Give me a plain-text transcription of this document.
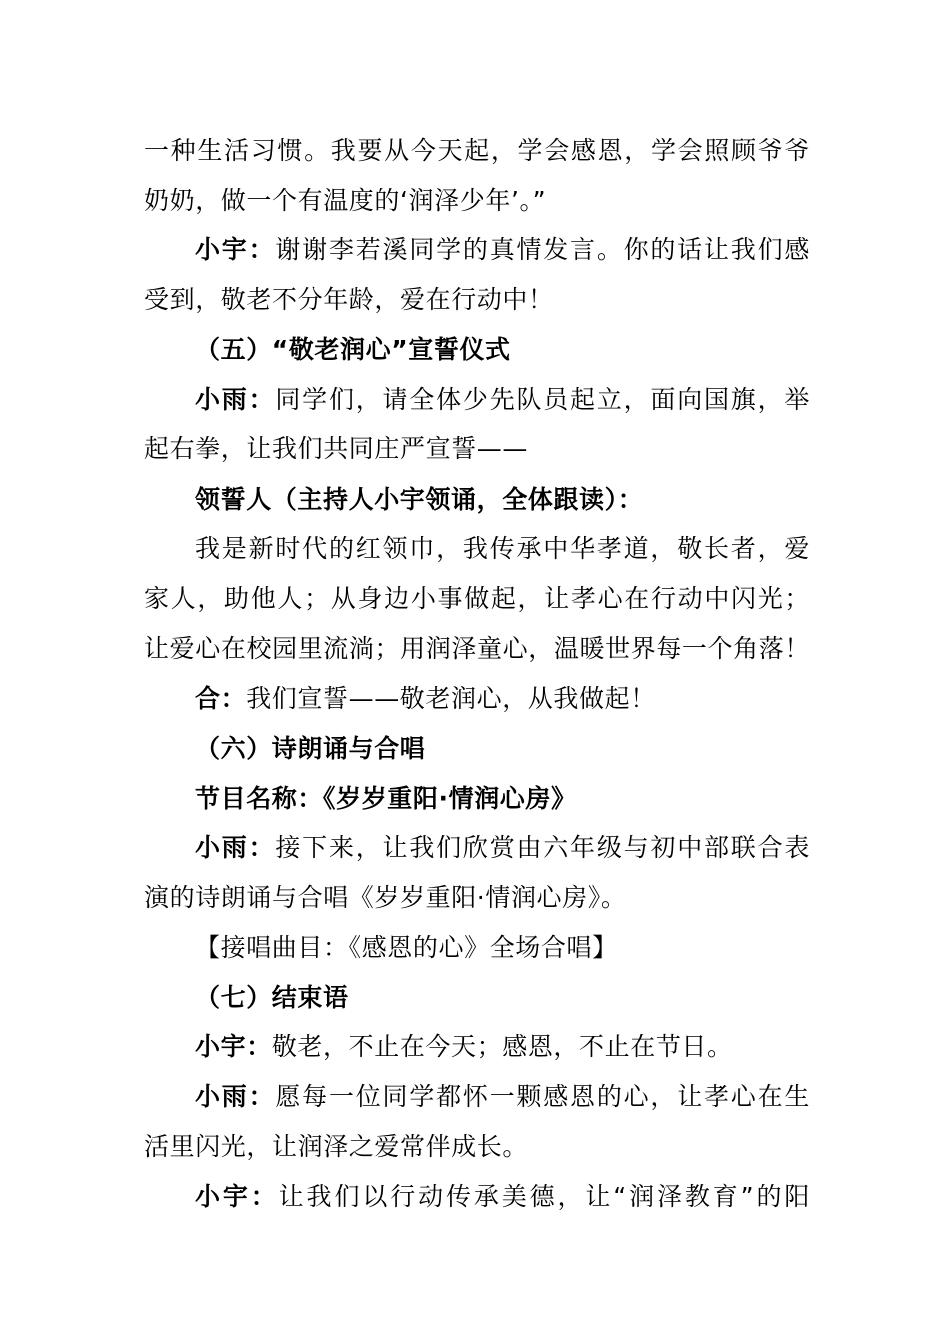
一种生活习惯。我要从今天起，学会感恩，学会照顾爷爷
奶奶，做一个有温度的‘润泽少年’。”
小宇：谢谢李若溪同学的真情发言。你的话让我们感
受到，敬老不分年龄，爱在行动中！
（五）“敬老润心”宣誓仪式
小雨：同学们，请全体少先队员起立，面向国旗，举
起右拳，让我们共同庄严宣誓——
领誓人（主持人小宇领诵，全体跟读）：
我是新时代的红领巾，我传承中华孝道，敬长者，爱
家人，助他人；从身边小事做起，让孝心在行动中闪光；
让爱心在校园里流淌；用润泽童心，温暖世界每一个角落！
合：我们宣誓——敬老润心，从我做起！
（六）诗朗诵与合唱
节目名称：《岁岁重阳·情润心房》
小雨：接下来，让我们欣赏由六年级与初中部联合表
演的诗朗诵与合唱《岁岁重阳·情润心房》。
【接唱曲目：《感恩的心》全场合唱】
（七）结束语
小宇：敬老，不止在今天；感恩，不止在节日。
小雨：愿每一位同学都怀一颗感恩的心，让孝心在生
活里闪光，让润泽之爱常伴成长。
小宇：让我们以行动传承美德，让“润泽教育”的阳
